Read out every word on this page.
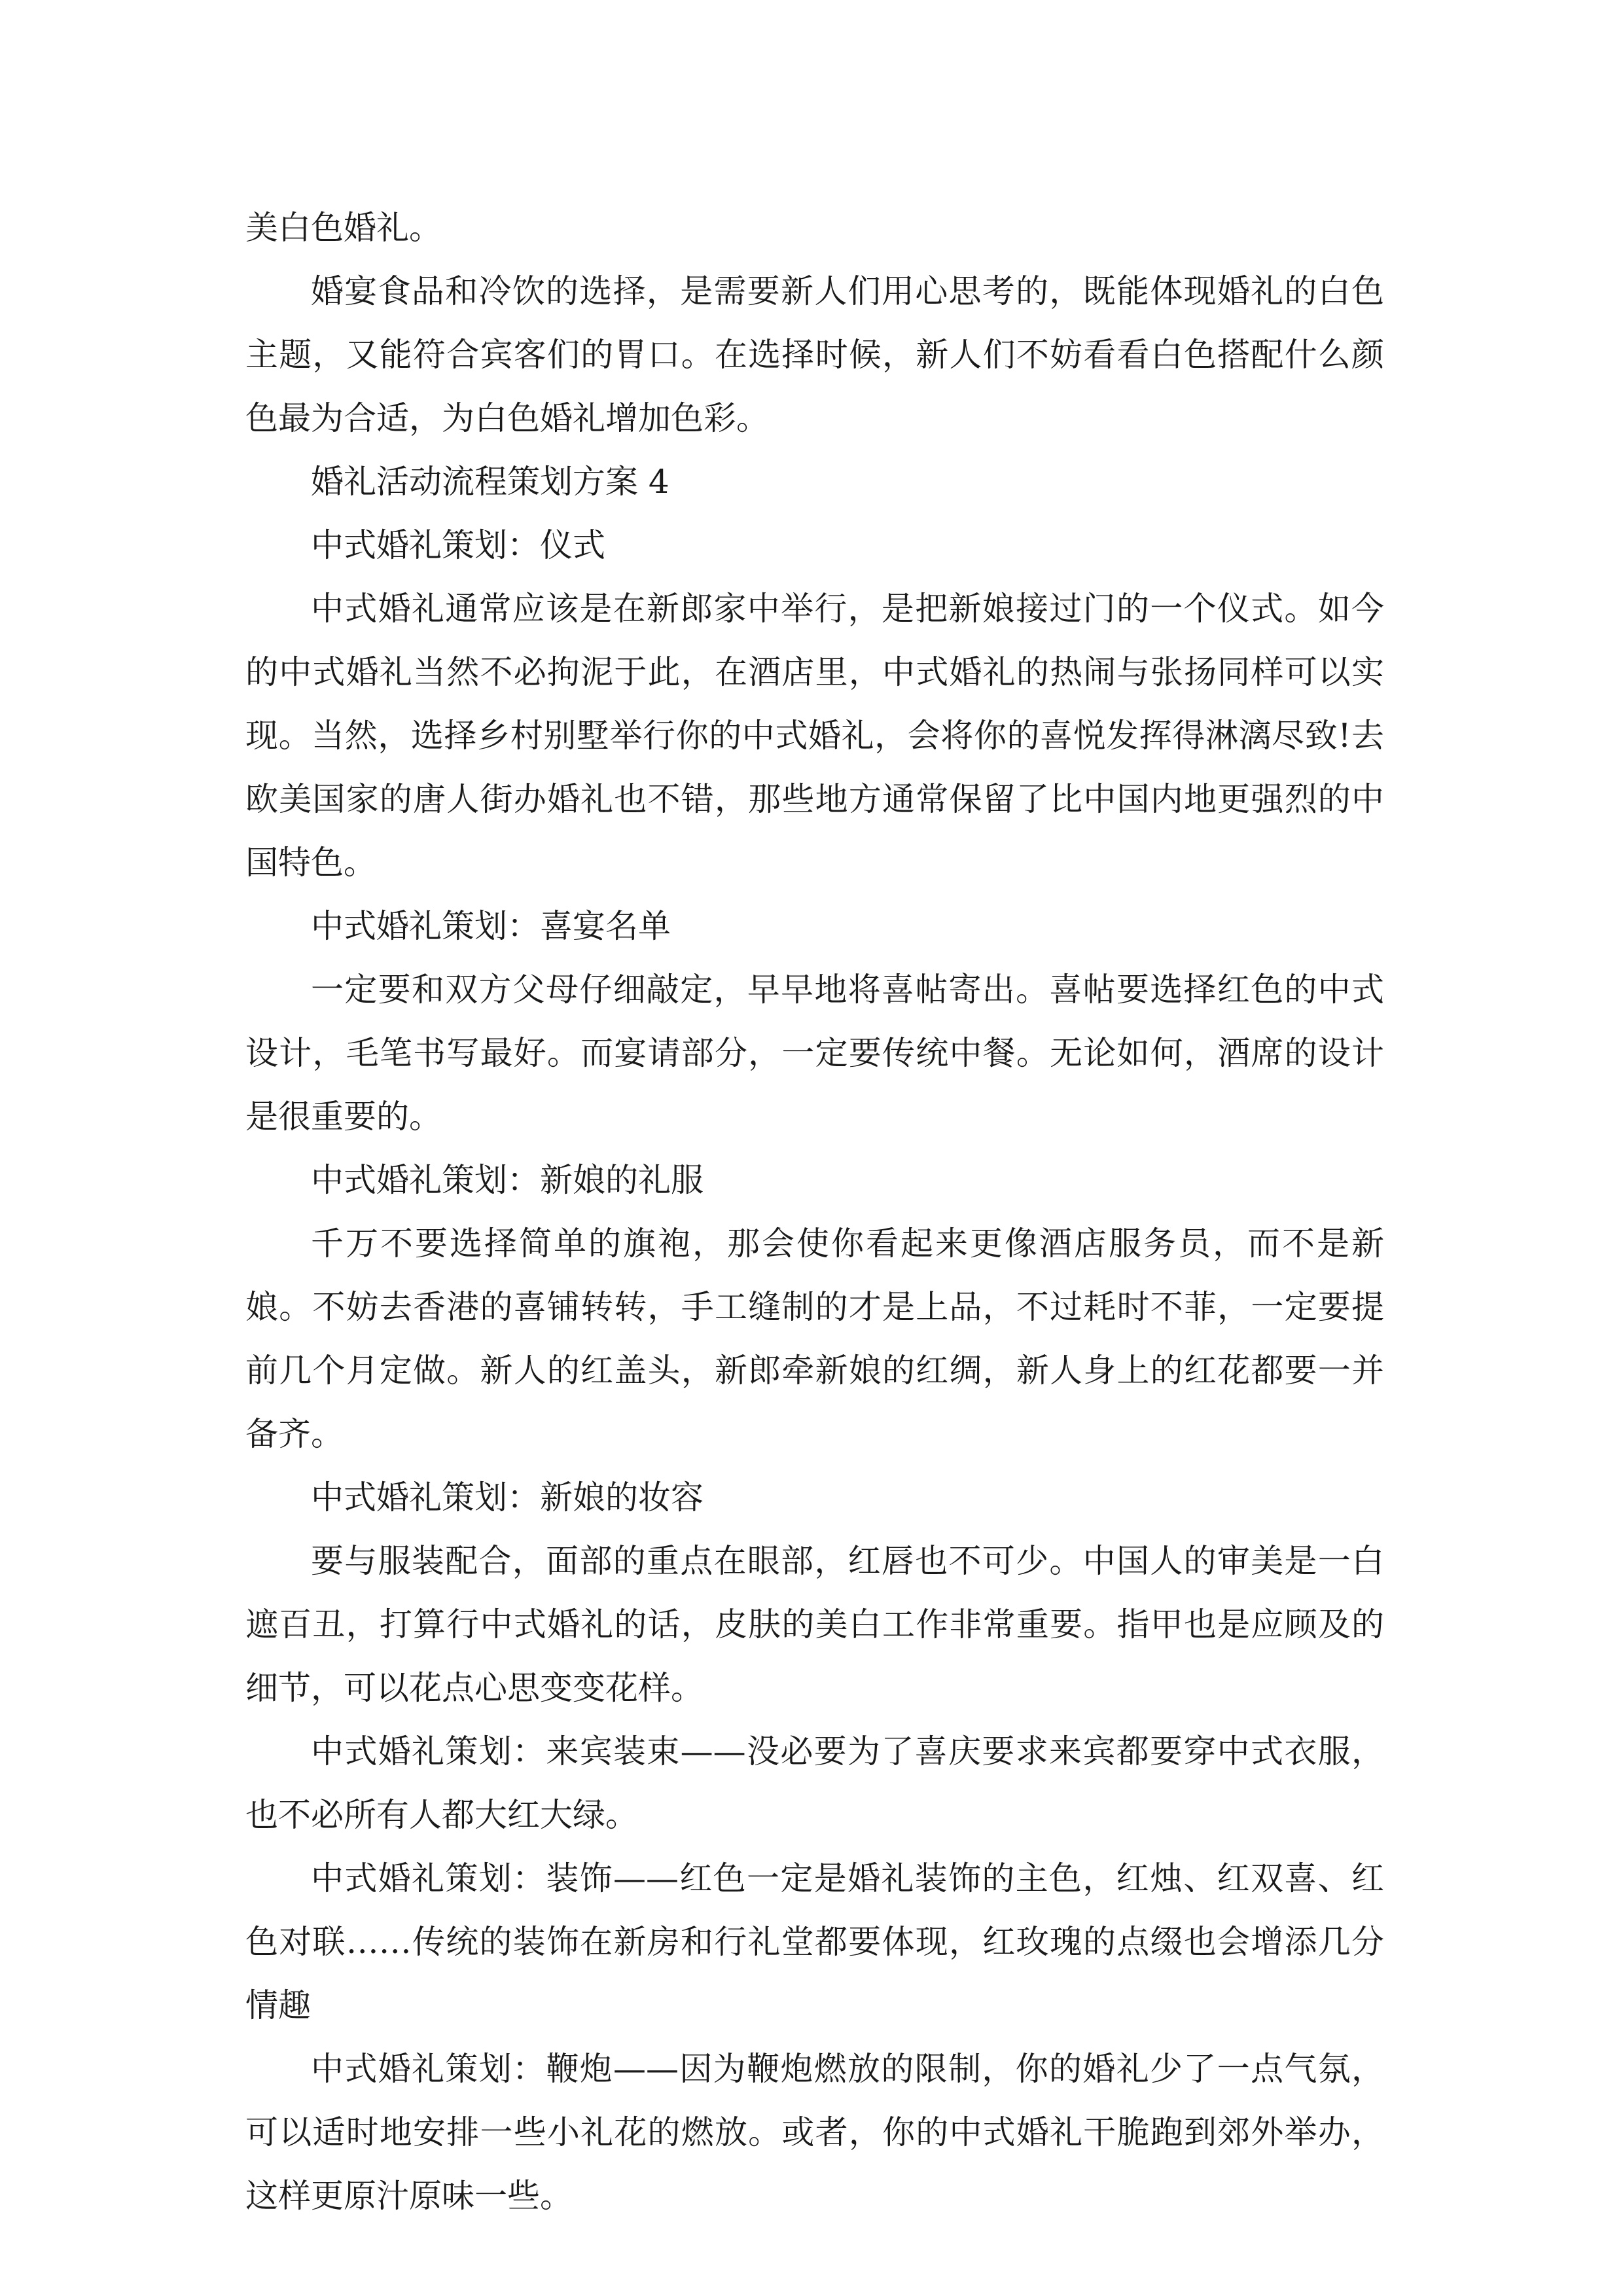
美白色婚礼。

婚宴食品和冷饮的选择，是需要新人们用心思考的，既能体现婚礼的白色主题，又能符合宾客们的胃口。在选择时候，新人们不妨看看白色搭配什么颜色最为合适，为白色婚礼增加色彩。

婚礼活动流程策划方案 4

中式婚礼策划：仪式

中式婚礼通常应该是在新郎家中举行，是把新娘接过门的一个仪式。如今的中式婚礼当然不必拘泥于此，在酒店里，中式婚礼的热闹与张扬同样可以实现。当然，选择乡村别墅举行你的中式婚礼，会将你的喜悦发挥得淋漓尽致!去欧美国家的唐人街办婚礼也不错，那些地方通常保留了比中国内地更强烈的中国特色。

中式婚礼策划：喜宴名单

一定要和双方父母仔细敲定，早早地将喜帖寄出。喜帖要选择红色的中式设计，毛笔书写最好。而宴请部分，一定要传统中餐。无论如何，酒席的设计是很重要的。

中式婚礼策划：新娘的礼服

千万不要选择简单的旗袍，那会使你看起来更像酒店服务员，而不是新娘。不妨去香港的喜铺转转，手工缝制的才是上品，不过耗时不菲，一定要提前几个月定做。新人的红盖头，新郎牵新娘的红绸，新人身上的红花都要一并备齐。

中式婚礼策划：新娘的妆容

要与服装配合，面部的重点在眼部，红唇也不可少。中国人的审美是一白遮百丑，打算行中式婚礼的话，皮肤的美白工作非常重要。指甲也是应顾及的细节，可以花点心思变变花样。

中式婚礼策划：来宾装束——没必要为了喜庆要求来宾都要穿中式衣服，也不必所有人都大红大绿。

中式婚礼策划：装饰——红色一定是婚礼装饰的主色，红烛、红双喜、红色对联……传统的装饰在新房和行礼堂都要体现，红玫瑰的点缀也会增添几分情趣

中式婚礼策划：鞭炮——因为鞭炮燃放的限制，你的婚礼少了一点气氛，可以适时地安排一些小礼花的燃放。或者，你的中式婚礼干脆跑到郊外举办，这样更原汁原味一些。
